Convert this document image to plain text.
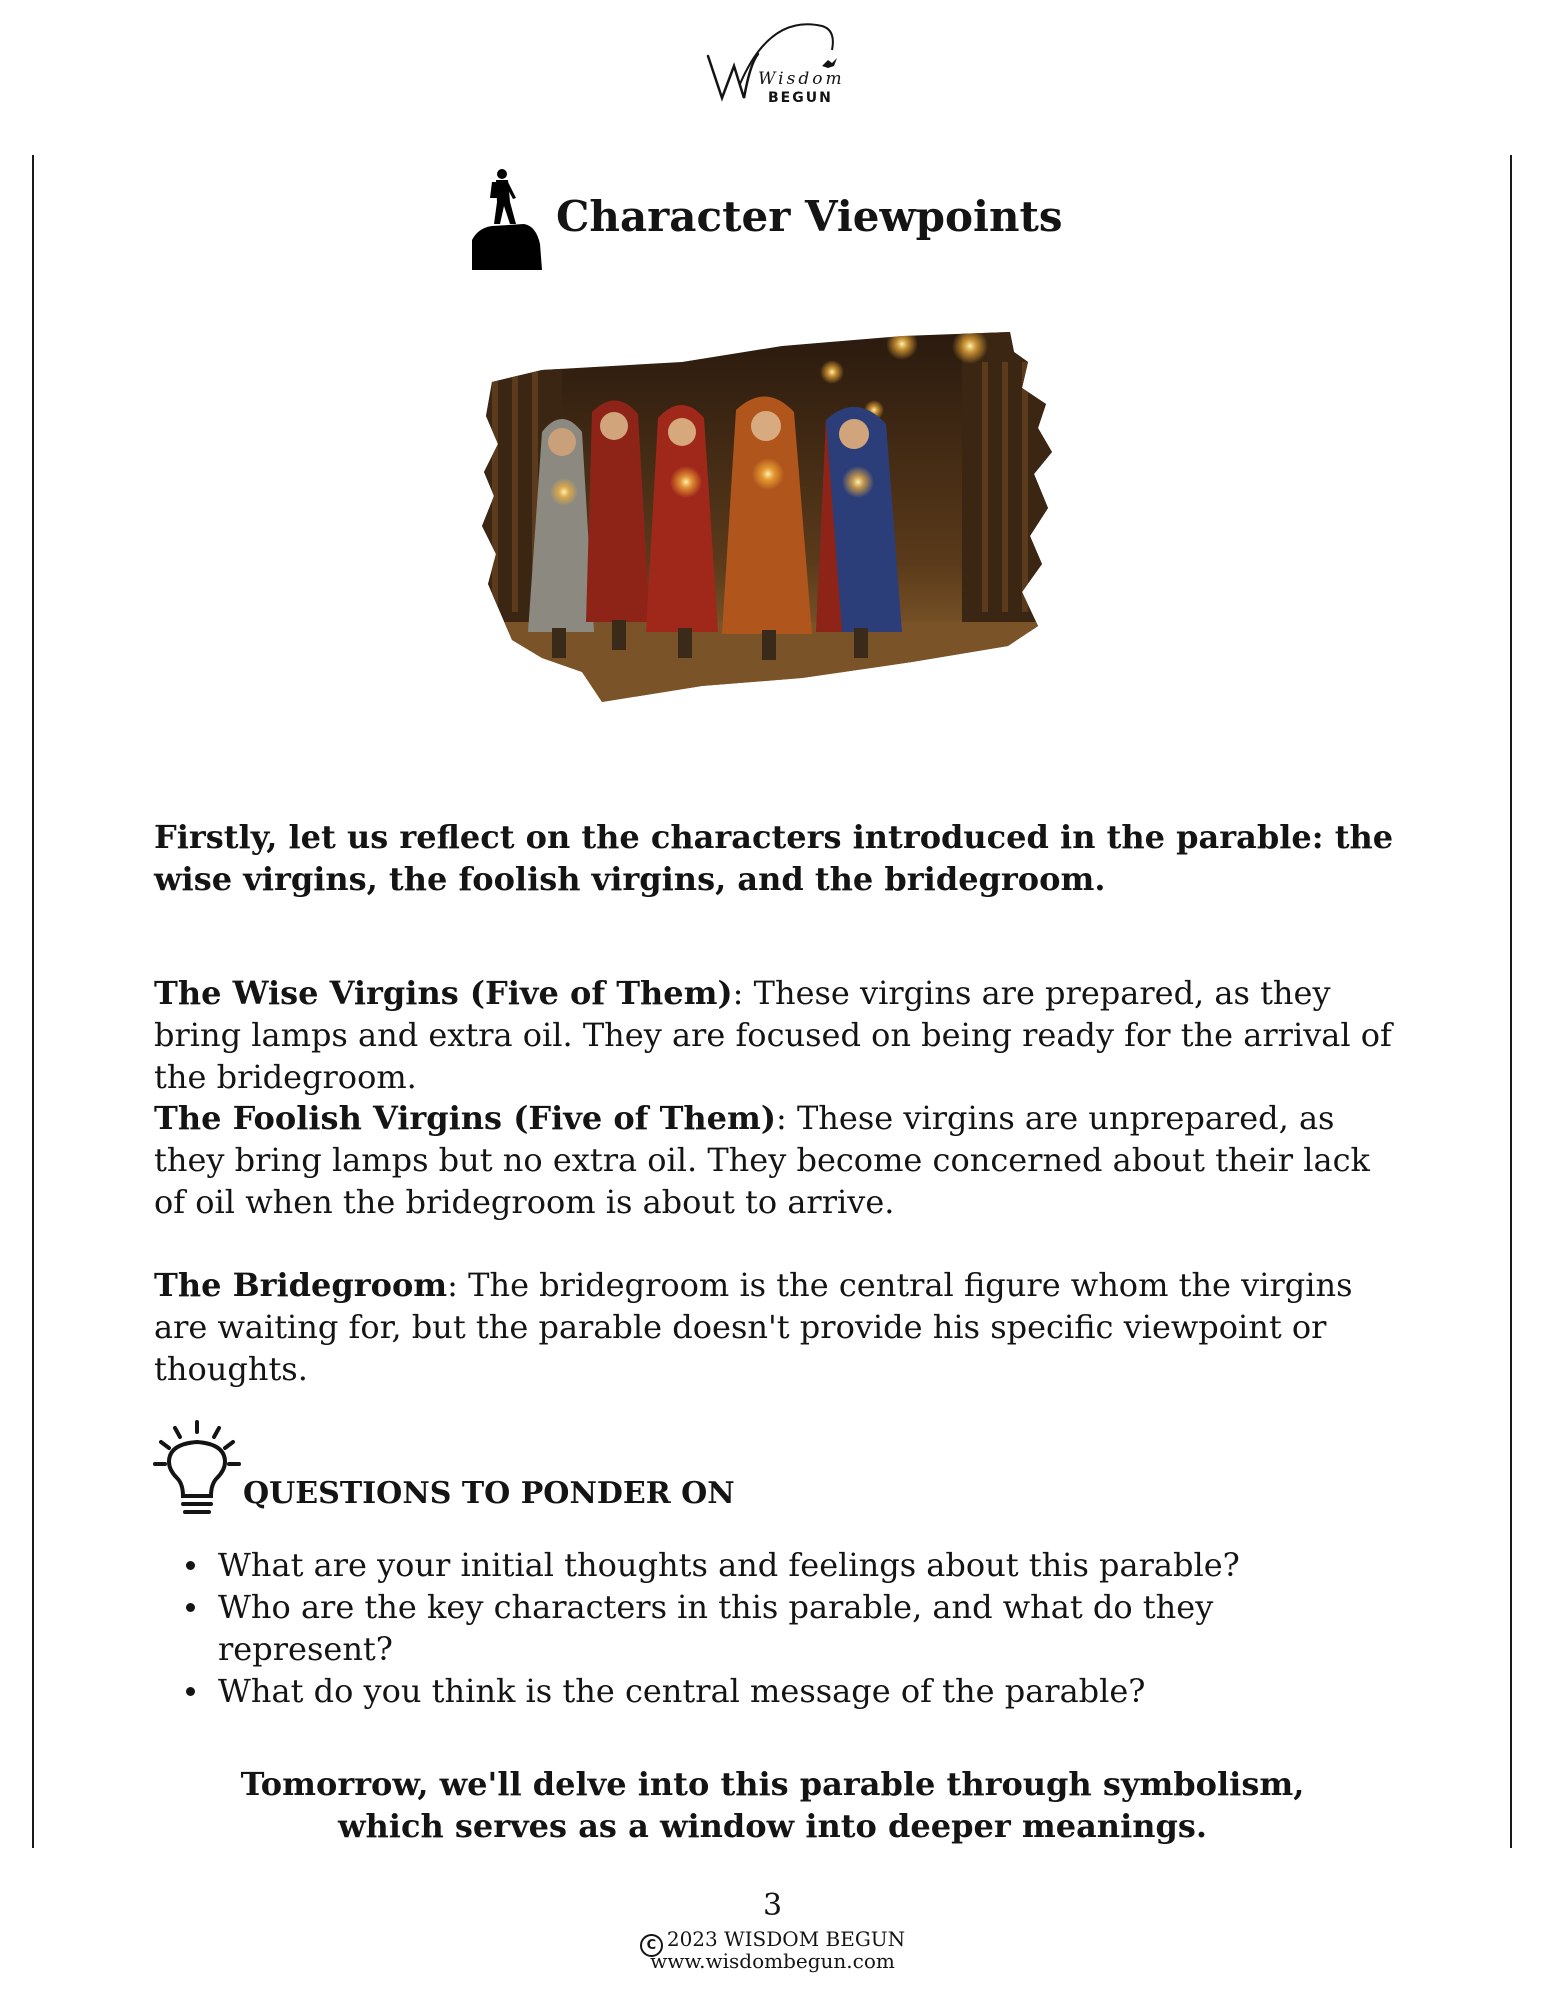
Wisdom
BEGUN
Character Viewpoints
Firstly, let us reflect on the characters introduced in the parable: the wise virgins, the foolish virgins, and the bridegroom.
The Wise Virgins (Five of Them): These virgins are prepared, as they bring lamps and extra oil. They are focused on being ready for the arrival of the bridegroom.
The Foolish Virgins (Five of Them): These virgins are unprepared, as they bring lamps but no extra oil. They become concerned about their lack of oil when the bridegroom is about to arrive.
The Bridegroom: The bridegroom is the central figure whom the virgins are waiting for, but the parable doesn't provide his specific viewpoint or thoughts.
QUESTIONS TO PONDER ON
What are your initial thoughts and feelings about this parable?
Who are the key characters in this parable, and what do they represent?
What do you think is the central message of the parable?
Tomorrow, we'll delve into this parable through symbolism,
which serves as a window into deeper meanings.
3
C 2023 WISDOM BEGUN
www.wisdombegun.com
